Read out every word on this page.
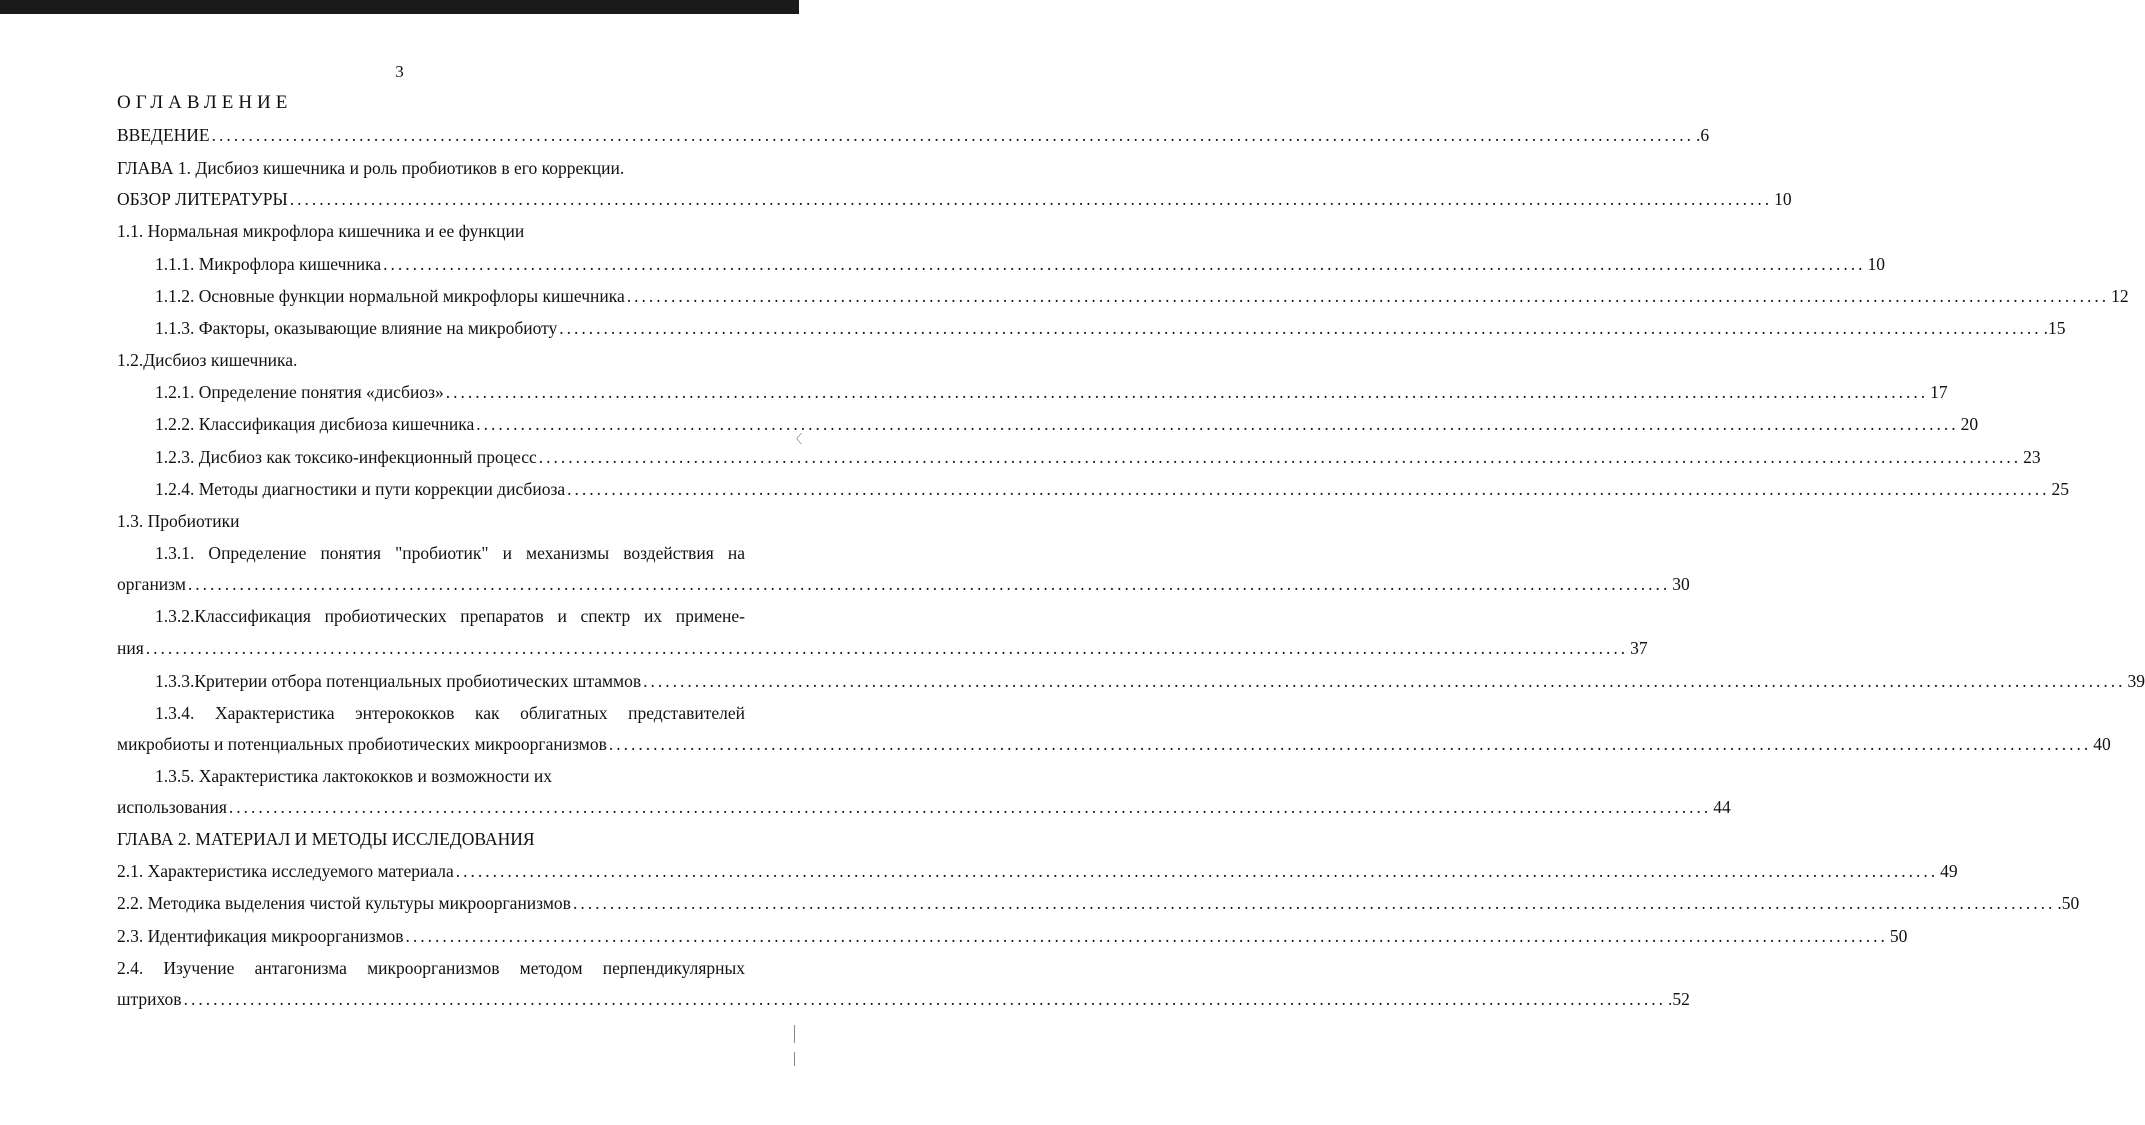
3
ОГЛАВЛЕНИЕ
ВВЕДЕНИЕ .....	.6
ГЛАВА 1. Дисбиоз кишечника и роль пробиотиков в его коррекции.
ОБЗОР ЛИТЕРАТУРЫ .....	10
1.1. Нормальная микрофлора кишечника и ее функции
1.1.1. Микрофлора кишечника .....	10
1.1.2. Основные функции нормальной микрофлоры кишечника .....	12
1.1.3. Факторы, оказывающие влияние на микробиоту .....	.15
1.2.Дисбиоз кишечника.
1.2.1. Определение понятия «дисбиоз» .....	17
1.2.2. Классификация дисбиоза кишечника .....	20
1.2.3. Дисбиоз как токсико-инфекционный процесс .....	23
1.2.4. Методы диагностики и пути коррекции дисбиоза .....	25
1.3. Пробиотики
1.3.1. Определение понятия "пробиотик" и механизмы воздействия на
организм .....	30
1.3.2.Классификация пробиотических препаратов и спектр их примене-
ния .....	37
1.3.3.Критерии отбора потенциальных пробиотических штаммов .....	39
1.3.4. Характеристика энтерококков как облигатных представителей
микробиоты и потенциальных пробиотических микроорганизмов .....	40
1.3.5. Характеристика лактококков и возможности их
использования .....	44
ГЛАВА 2. МАТЕРИАЛ И МЕТОДЫ ИССЛЕДОВАНИЯ
2.1. Характеристика исследуемого материала .....	49
2.2. Методика выделения чистой культуры микроорганизмов .....	.50
2.3. Идентификация микроорганизмов .....	50
2.4. Изучение антагонизма микроорганизмов методом перпендикулярных
штрихов .....	.52
〈
